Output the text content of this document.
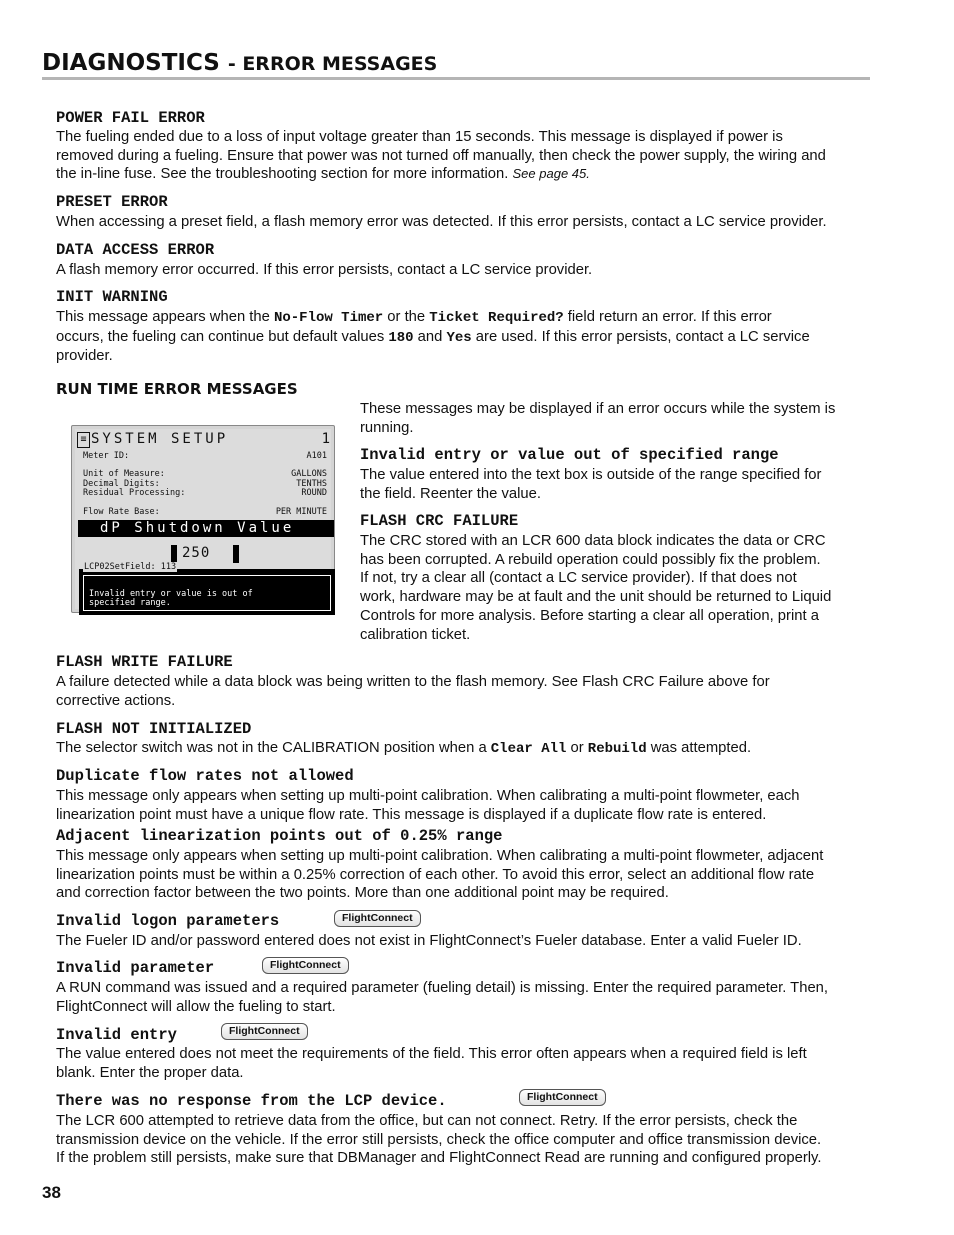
DIAGNOSTICS - ERROR MESSAGES
POWER FAIL ERROR
The fueling ended due to a loss of input voltage greater than 15 seconds. This message is displayed if power is
removed during a fueling. Ensure that power was not turned off manually, then check the power supply, the wiring and
the in-line fuse. See the troubleshooting section for more information. See page 45.
PRESET ERROR
When accessing a preset field, a flash memory error was detected. If this error persists, contact a LC service provider.
DATA ACCESS ERROR
A flash memory error occurred. If this error persists, contact a LC service provider.
INIT WARNING
This message appears when the No-Flow Timer or the Ticket Required? field return an error. If this error
occurs, the fueling can continue but default values 180 and Yes are used. If this error persists, contact a LC service
provider.
RUN TIME ERROR MESSAGES
≡ SYSTEM SETUP	1
Meter ID:	A101
Unit of Measure:	GALLONS
Decimal Digits:	TENTHS
Residual Processing:	ROUND
Flow Rate Base:	PER MINUTE
dP Shutdown Value
250
Invalid entry or value is out of
specified range.
LCP02SetField: 113
These messages may be displayed if an error occurs while the system is
running.
Invalid entry or value out of specified range
The value entered into the text box is outside of the range specified for
the field. Reenter the value.
FLASH CRC FAILURE
The CRC stored with an LCR 600 data block indicates the data or CRC
has been corrupted. A rebuild operation could possibly fix the problem.
If not, try a clear all (contact a LC service provider). If that does not
work, hardware may be at fault and the unit should be returned to Liquid
Controls for more analysis. Before starting a clear all operation, print a
calibration ticket.
FLASH WRITE FAILURE
A failure detected while a data block was being written to the flash memory. See Flash CRC Failure above for
corrective actions.
FLASH NOT INITIALIZED
The selector switch was not in the CALIBRATION position when a Clear All or Rebuild was attempted.
Duplicate flow rates not allowed
This message only appears when setting up multi-point calibration. When calibrating a multi-point flowmeter, each
linearization point must have a unique flow rate. This message is displayed if a duplicate flow rate is entered.
Adjacent linearization points out of 0.25% range
This message only appears when setting up multi-point calibration. When calibrating a multi-point flowmeter, adjacent
linearization points must be within a 0.25% correction of each other. To avoid this error, select an additional flow rate
and correction factor between the two points. More than one additional point may be required.
Invalid logon parameters	FlightConnect
The Fueler ID and/or password entered does not exist in FlightConnect’s Fueler database. Enter a valid Fueler ID.
Invalid parameter	FlightConnect
A RUN command was issued and a required parameter (fueling detail) is missing. Enter the required parameter. Then,
FlightConnect will allow the fueling to start.
Invalid entry	FlightConnect
The value entered does not meet the requirements of the field. This error often appears when a required field is left
blank. Enter the proper data.
There was no response from the LCP device.	FlightConnect
The LCR 600 attempted to retrieve data from the office, but can not connect. Retry. If the error persists, check the
transmission device on the vehicle. If the error still persists, check the office computer and office transmission device.
If the problem still persists, make sure that DBManager and FlightConnect Read are running and configured properly.
38
